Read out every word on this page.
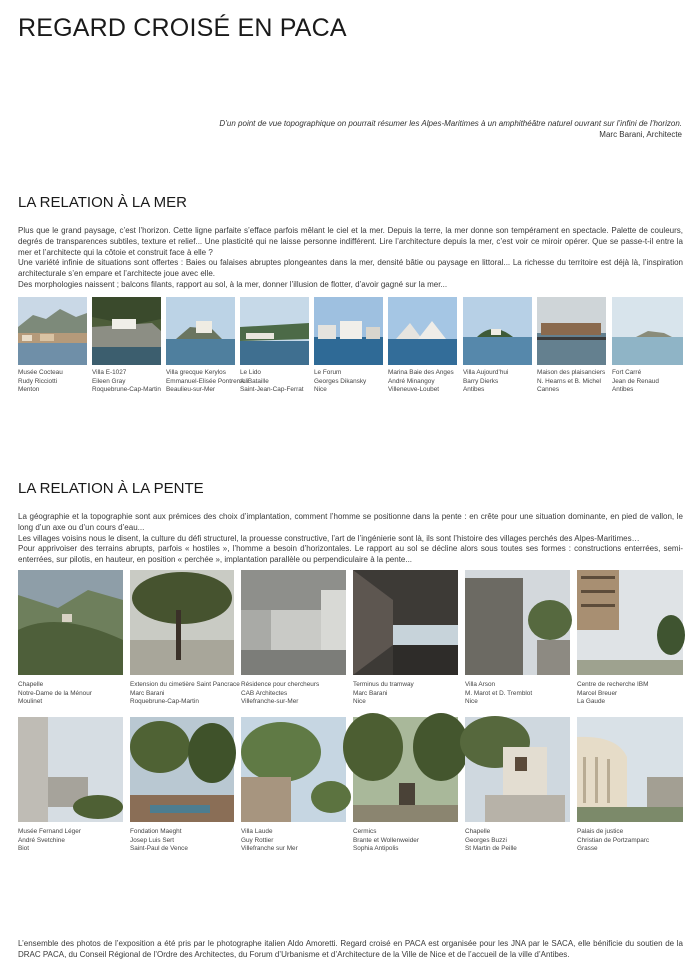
REGARD CROISÉ EN PACA
D’un point de vue topographique on pourrait résumer les Alpes-Maritimes à un amphithéâtre naturel ouvrant sur l’infini de l’horizon.
Marc Barani, Architecte
LA RELATION À LA MER

Plus que le grand paysage, c’est l’horizon. Cette ligne parfaite s’efface parfois mêlant le ciel et la mer. Depuis la terre, la mer donne son tempérament en spectacle. Palette de couleurs, degrés de transparences subtiles, texture et relief... Une plasticité qui ne laisse personne indifférent. Lire l’architecture depuis la mer, c’est voir ce miroir opérer. Que se passe-t-il entre la mer et l’architecte qui la côtoie et construit face à elle ?

Une variété infinie de situations sont offertes : Baies ou falaises abruptes plongeantes dans la mer, densité bâtie ou paysage en littoral... La richesse du territoire est déjà là, l’inspiration architecturale s’en empare et l’architecte joue avec elle.

Des morphologies naissent ; balcons filants, rapport au sol, à la mer, donner l’illusion de flotter, d’avoir gagné sur la mer...

Musée Cocteau
Rudy Ricciotti
Menton
Villa E-1027
Eileen Gray
Roquebrune-Cap-Martin
Villa grecque Kerylos
Emmanuel-Elisée Pontremoli
Beaulieu-sur-Mer
Le Lido
A. Bataille
Saint-Jean-Cap-Ferrat
Le Forum
Georges Dikansky
Nice
Marina Baie des Anges
André Minangoy
Villeneuve-Loubet
Villa Aujourd’hui
Barry Dierks
Antibes
Maison des plaisanciers
N. Hearns et B. Michel
Cannes
Fort Carré
Jean de Renaud
Antibes
LA RELATION À LA PENTE

La géographie et la topographie sont aux prémices des choix d’implantation, comment l’homme se positionne dans la pente : en crête pour une situation dominante, en pied de vallon, le long d’un axe ou d’un cours d’eau...

Les villages voisins nous le disent, la culture du défi structurel, la prouesse constructive, l’art de l’ingénierie sont là, ils sont l’histoire des villages perchés des Alpes-Maritimes…

Pour apprivoiser des terrains abrupts, parfois « hostiles », l’homme a besoin d’horizontales. Le rapport au sol se décline alors sous toutes ses formes : constructions enterrées, semi-enterrées, sur pilotis, en hauteur, en position « perchée », implantation parallèle ou perpendiculaire à la pente...

Chapelle
Notre-Dame de la Ménour
Moulinet
Extension du cimetière Saint Pancrace
Marc Barani
Roquebrune-Cap-Martin
Résidence pour chercheurs
CAB Architectes
Villefranche-sur-Mer
Terminus du tramway
Marc Barani
Nice
Villa Arson
M. Marot et D. Tremblot
Nice
Centre de recherche IBM
Marcel Breuer
La Gaude
Musée Fernand Léger
André Svetchine
Biot
Fondation Maeght
Josep Luis Sert
Saint-Paul de Vence
Villa Laude
Guy Rottier
Villefranche sur Mer
Cermics
Brante et Wollenweider
Sophia Antipolis
Chapelle
Georges Buzzi
St Martin de Peille
Palais de justice
Christian de Portzamparc
Grasse
L’ensemble des photos de l’exposition a été pris par le photographe italien Aldo Amoretti. Regard croisé en PACA est organisée pour les JNA par le SACA, elle bénificie du soutien de la DRAC PACA, du Conseil Régional de l’Ordre des Architectes, du Forum d’Urbanisme et d’Architecture de la Ville de Nice et de l’accueil de la ville d’Antibes.
